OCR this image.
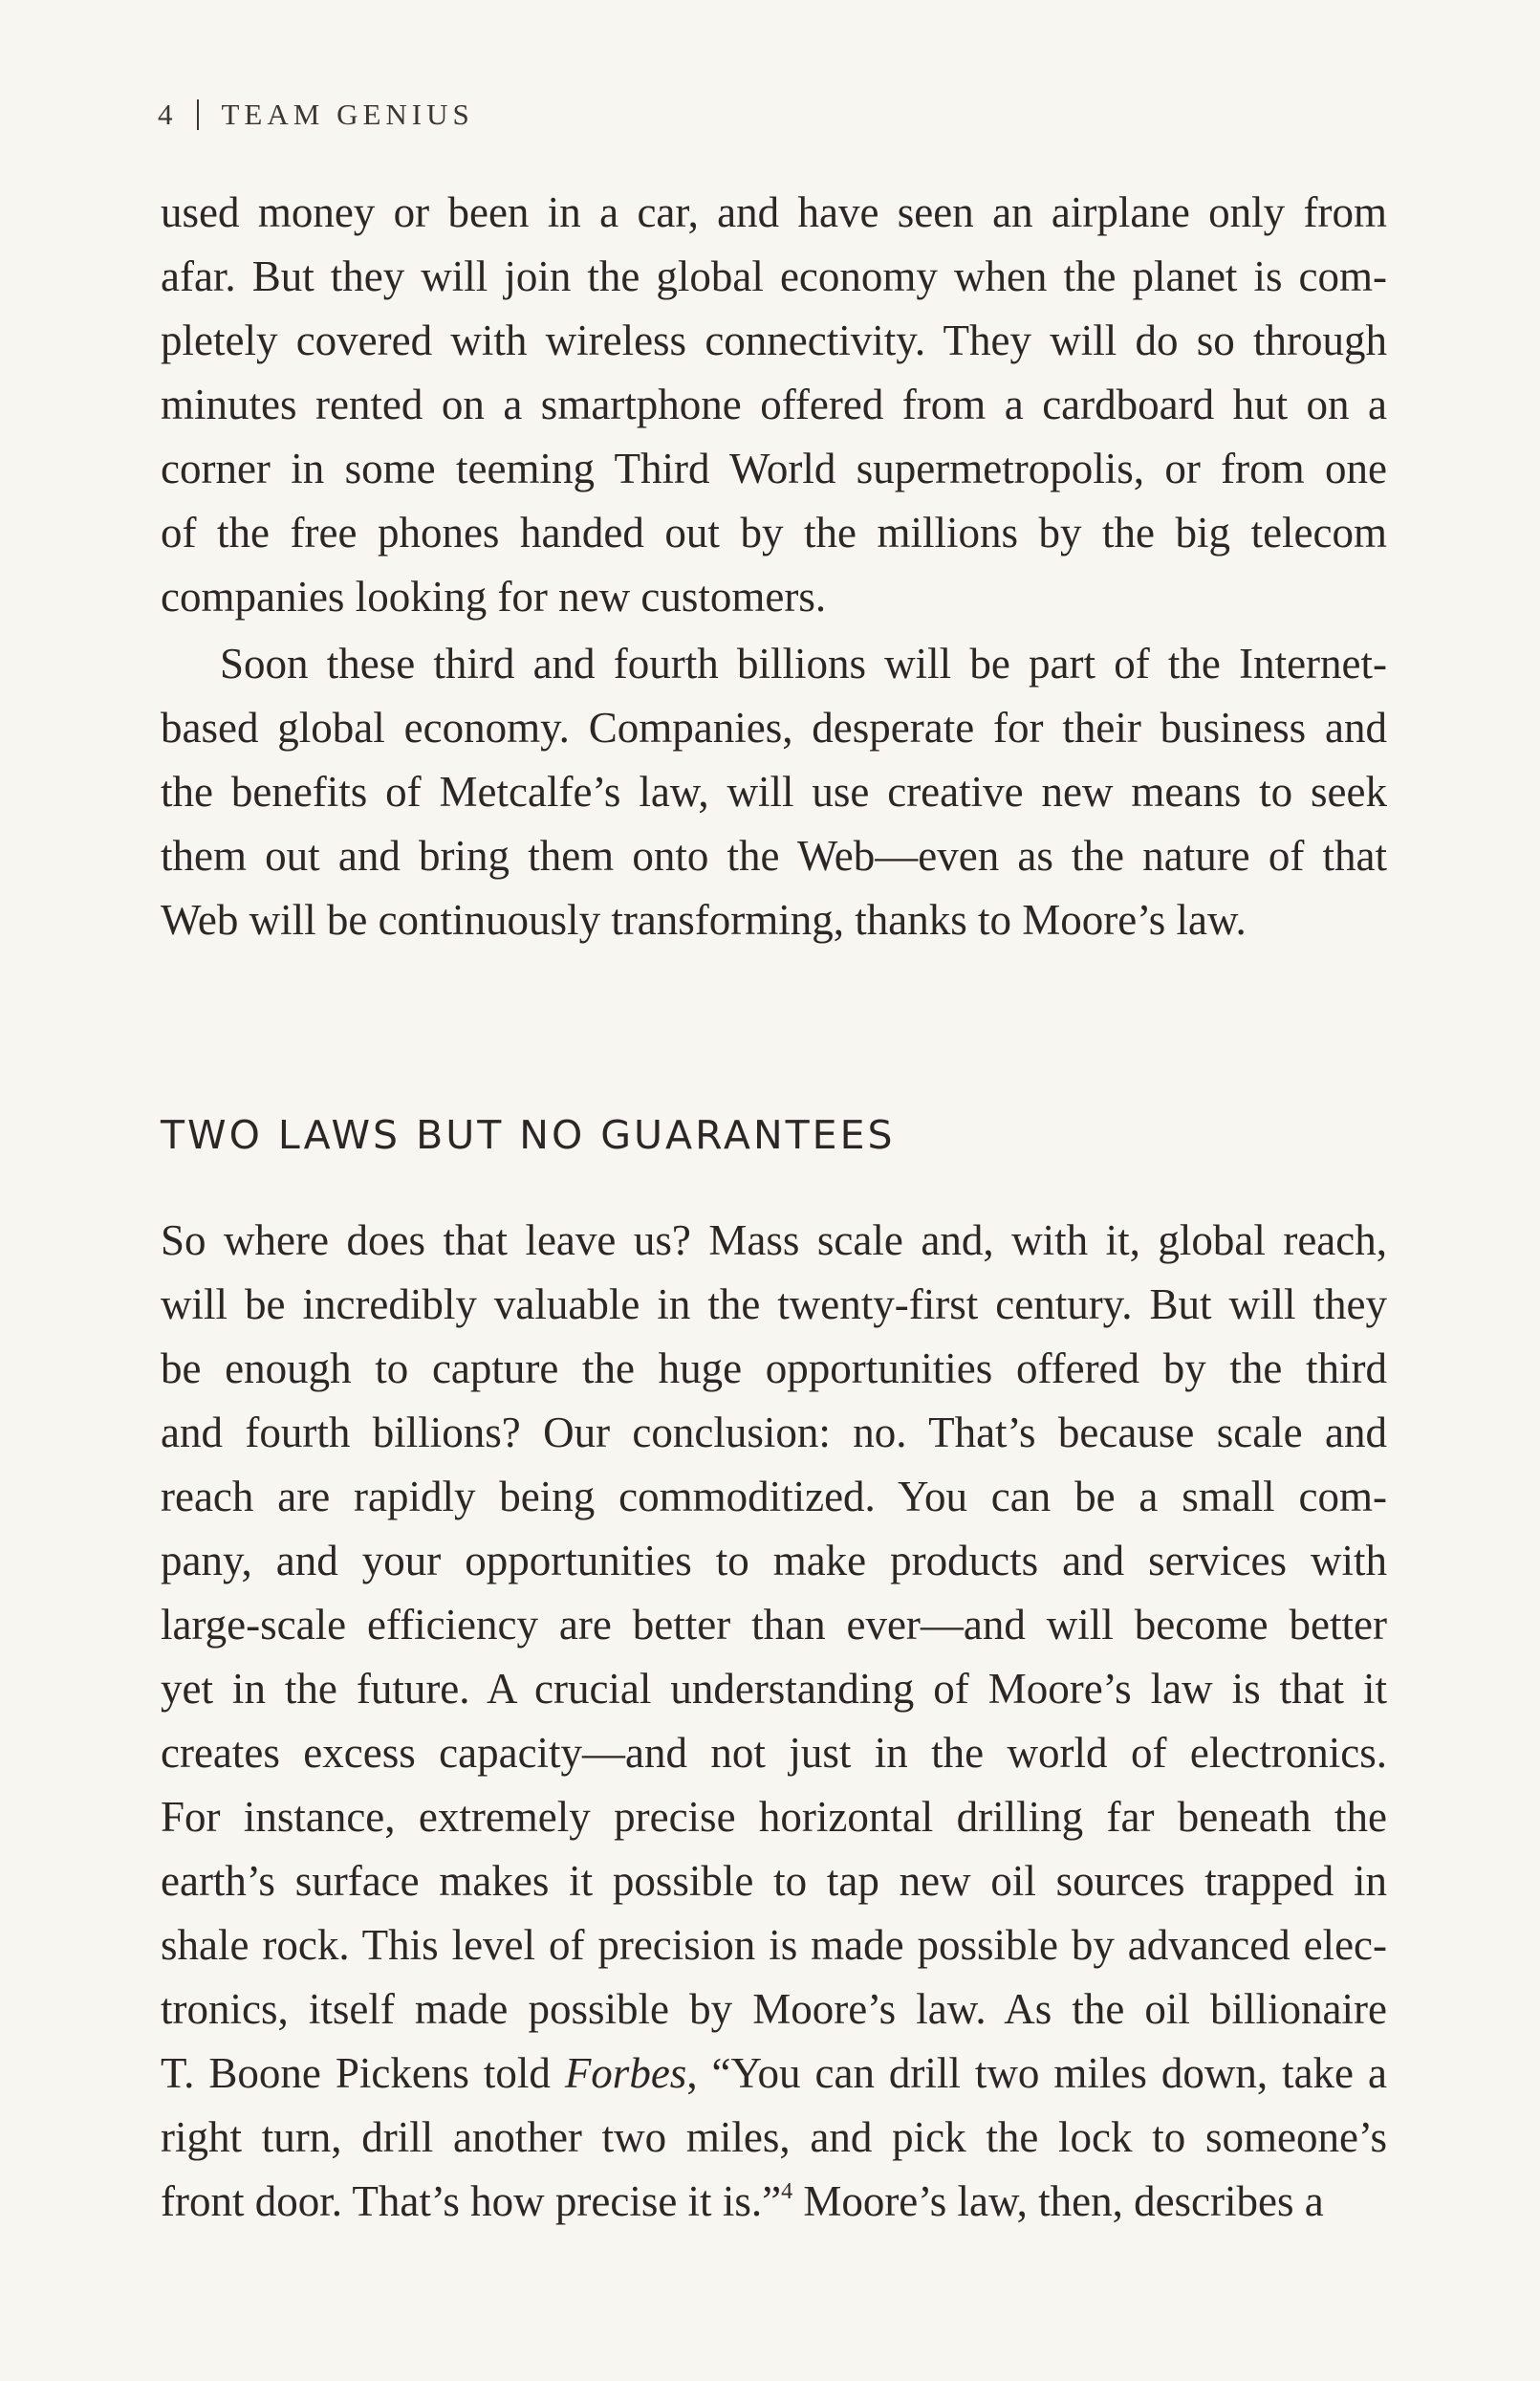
4 TEAM GENIUS
used money or been in a car, and have seen an airplane only from
afar. But they will join the global economy when the planet is com-
pletely covered with wireless connectivity. They will do so through
minutes rented on a smartphone offered from a cardboard hut on a
corner in some teeming Third World supermetropolis, or from one
of the free phones handed out by the millions by the big telecom
companies looking for new customers.
Soon these third and fourth billions will be part of the Internet-
based global economy. Companies, desperate for their business and
the benefits of Metcalfe’s law, will use creative new means to seek
them out and bring them onto the Web—even as the nature of that
Web will be continuously transforming, thanks to Moore’s law.
TWO LAWS BUT NO GUARANTEES
So where does that leave us? Mass scale and, with it, global reach,
will be incredibly valuable in the twenty-first century. But will they
be enough to capture the huge opportunities offered by the third
and fourth billions? Our conclusion: no. That’s because scale and
reach are rapidly being commoditized. You can be a small com-
pany, and your opportunities to make products and services with
large-scale efficiency are better than ever—and will become better
yet in the future. A crucial understanding of Moore’s law is that it
creates excess capacity—and not just in the world of electronics.
For instance, extremely precise horizontal drilling far beneath the
earth’s surface makes it possible to tap new oil sources trapped in
shale rock. This level of precision is made possible by advanced elec-
tronics, itself made possible by Moore’s law. As the oil billionaire
T. Boone Pickens told Forbes, “You can drill two miles down, take a
right turn, drill another two miles, and pick the lock to someone’s
front door. That’s how precise it is.”$^4$ Moore’s law, then, describes a
